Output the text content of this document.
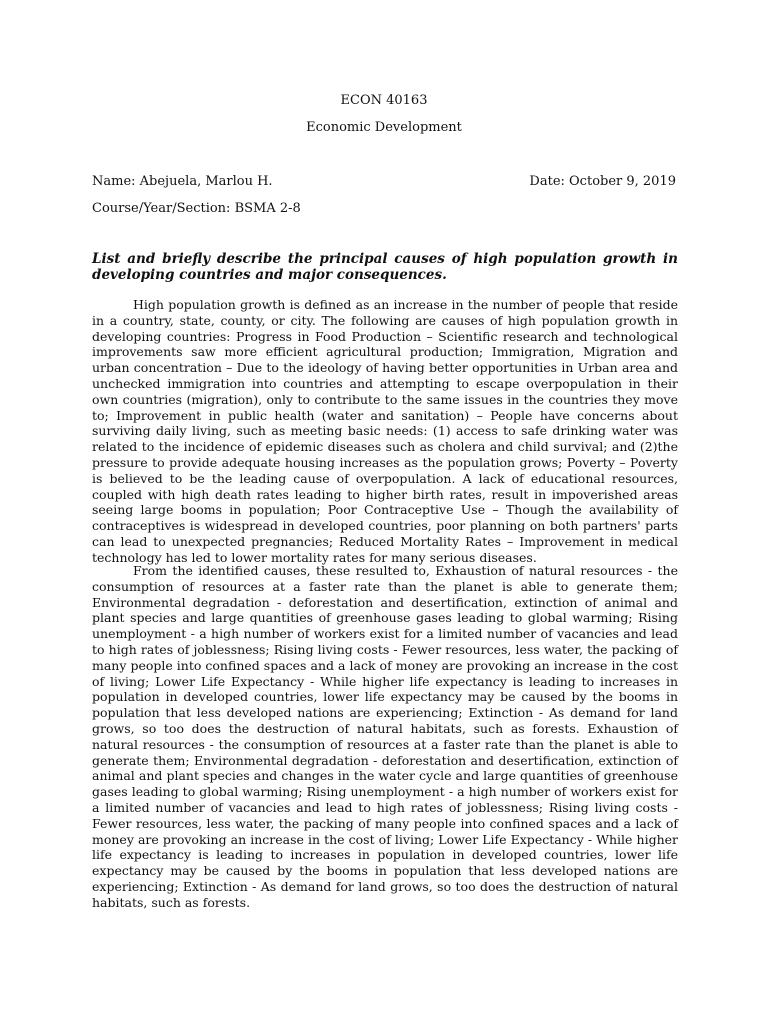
ECON 40163
Economic Development
Name: Abejuela, Marlou H.	Date: October 9, 2019
Course/Year/Section: BSMA 2-8
List and briefly describe the principal causes of high population growth in developing countries and major consequences.

High population growth is defined as an increase in the number of people that reside in a country, state, county, or city. The following are causes of high population growth in developing countries: Progress in Food Production – Scientific research and technological improvements saw more efficient agricultural production; Immigration, Migration and urban concentration – Due to the ideology of having better opportunities in Urban area and unchecked immigration into countries and attempting to escape overpopulation in their own countries (migration), only to contribute to the same issues in the countries they move to; Improvement in public health (water and sanitation) – People have concerns about surviving daily living, such as meeting basic needs: (1) access to safe drinking water was related to the incidence of epidemic diseases such as cholera and child survival; and (2)the pressure to provide adequate housing increases as the population grows; Poverty – Poverty is believed to be the leading cause of overpopulation. A lack of educational resources, coupled with high death rates leading to higher birth rates, result in impoverished areas seeing large booms in population; Poor Contraceptive Use – Though the availability of contraceptives is widespread in developed countries, poor planning on both partners' parts can lead to unexpected pregnancies; Reduced Mortality Rates – Improvement in medical technology has led to lower mortality rates for many serious diseases.

From the identified causes, these resulted to, Exhaustion of natural resources - the consumption of resources at a faster rate than the planet is able to generate them; Environmental degradation - deforestation and desertification, extinction of animal and plant species and large quantities of greenhouse gases leading to global warming; Rising unemployment - a high number of workers exist for a limited number of vacancies and lead to high rates of joblessness; Rising living costs - Fewer resources, less water, the packing of many people into confined spaces and a lack of money are provoking an increase in the cost of living; Lower Life Expectancy - While higher life expectancy is leading to increases in population in developed countries, lower life expectancy may be caused by the booms in population that less developed nations are experiencing; Extinction - As demand for land grows, so too does the destruction of natural habitats, such as forests. Exhaustion of natural resources - the consumption of resources at a faster rate than the planet is able to generate them; Environmental degradation - deforestation and desertification, extinction of animal and plant species and changes in the water cycle and large quantities of greenhouse gases leading to global warming; Rising unemployment - a high number of workers exist for a limited number of vacancies and lead to high rates of joblessness; Rising living costs - Fewer resources, less water, the packing of many people into confined spaces and a lack of money are provoking an increase in the cost of living; Lower Life Expectancy - While higher life expectancy is leading to increases in population in developed countries, lower life expectancy may be caused by the booms in population that less developed nations are experiencing; Extinction - As demand for land grows, so too does the destruction of natural habitats, such as forests.
